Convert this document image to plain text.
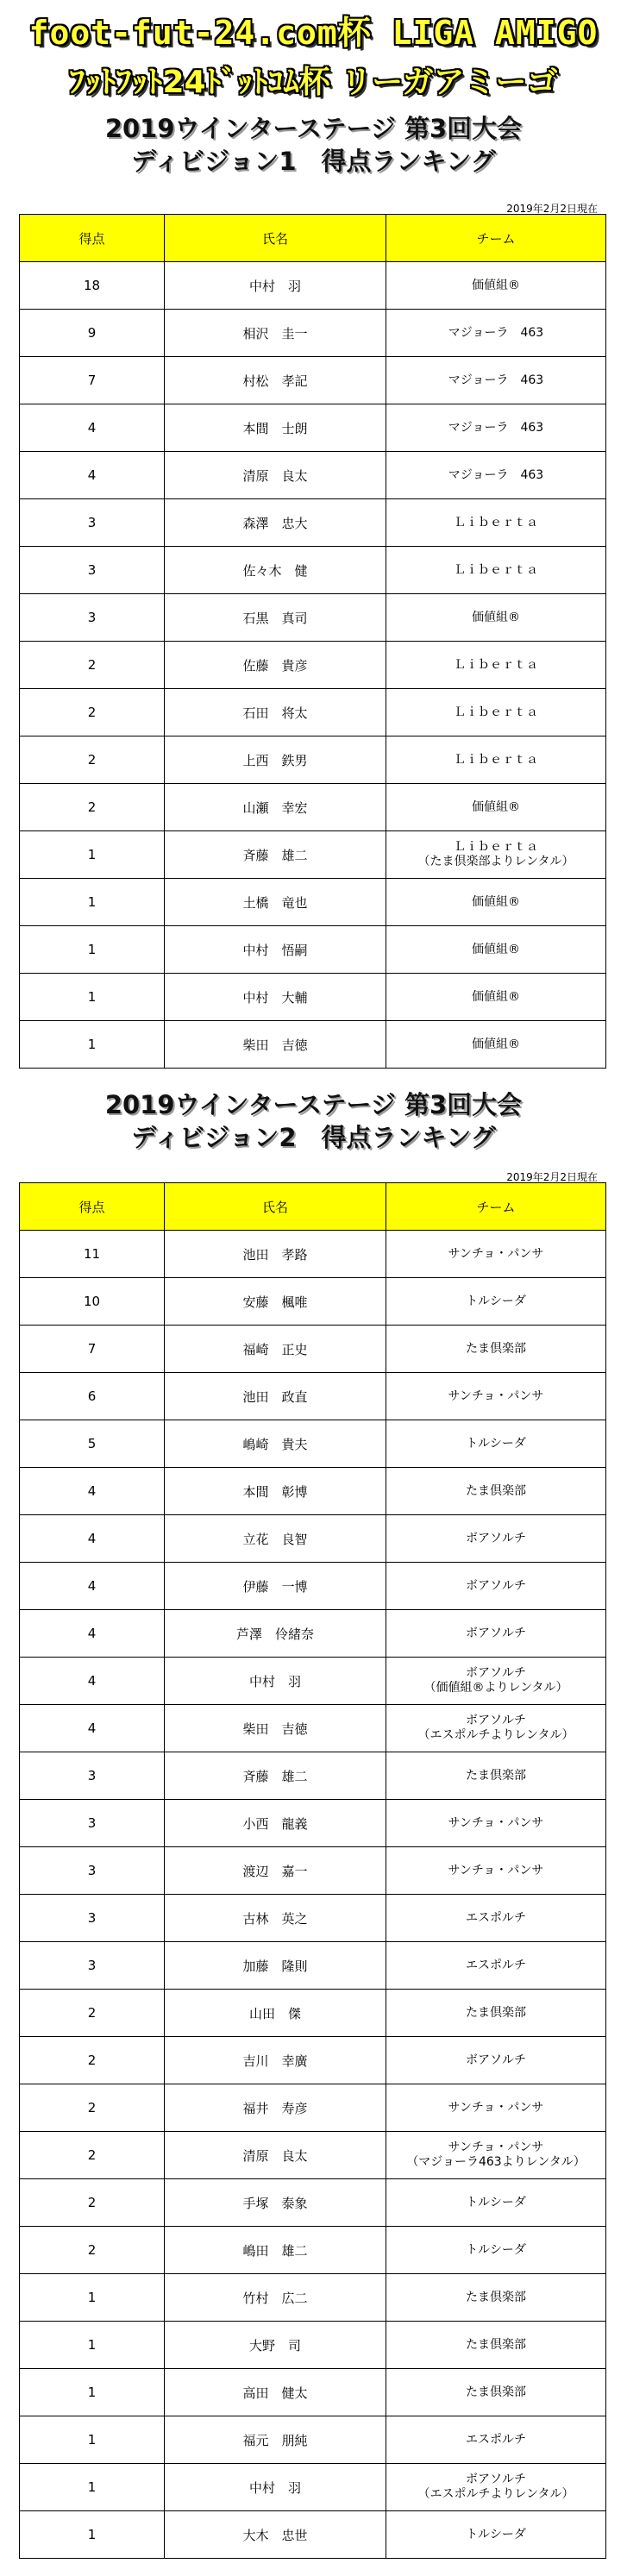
foot-fut-24.com杯 LIGA AMIGO
ﾌｯﾄﾌｯﾄ24ﾄﾞｯﾄｺﾑ杯 リーガアミーゴ
2019ウインターステージ 第3回大会
ディビジョン1　得点ランキング
2019年2月2日現在
得点	氏名	チーム
18	中村　羽	価値組®
9	相沢　圭一	マジョーラ　463
7	村松　孝記	マジョーラ　463
4	本間　士朗	マジョーラ　463
4	清原　良太	マジョーラ　463
3	森澤　忠大	Ｌｉｂｅｒｔａ
3	佐々木　健	Ｌｉｂｅｒｔａ
3	石黒　真司	価値組®
2	佐藤　貴彦	Ｌｉｂｅｒｔａ
2	石田　将太	Ｌｉｂｅｒｔａ
2	上西　鉄男	Ｌｉｂｅｒｔａ
2	山瀬　幸宏	価値組®
1	斉藤　雄二	Ｌｉｂｅｒｔａ
（たま倶楽部よりレンタル）
1	土橋　竜也	価値組®
1	中村　悟嗣	価値組®
1	中村　大輔	価値組®
1	柴田　吉徳	価値組®
2019ウインターステージ 第3回大会
ディビジョン2　得点ランキング
2019年2月2日現在
得点	氏名	チーム
11	池田　孝路	サンチョ・パンサ
10	安藤　楓唯	トルシーダ
7	福崎　正史	たま倶楽部
6	池田　政直	サンチョ・パンサ
5	嶋崎　貴夫	トルシーダ
4	本間　彰博	たま倶楽部
4	立花　良智	ボアソルチ
4	伊藤　一博	ボアソルチ
4	芦澤　伶緒奈	ボアソルチ
4	中村　羽	ボアソルチ
（価値組®よりレンタル）
4	柴田　吉徳	ボアソルチ
（エスポルチよりレンタル）
3	斉藤　雄二	たま倶楽部
3	小西　龍義	サンチョ・パンサ
3	渡辺　嘉一	サンチョ・パンサ
3	古林　英之	エスポルチ
3	加藤　隆則	エスポルチ
2	山田　傑	たま倶楽部
2	吉川　幸廣	ボアソルチ
2	福井　寿彦	サンチョ・パンサ
2	清原　良太	サンチョ・パンサ
（マジョーラ463よりレンタル）
2	手塚　泰象	トルシーダ
2	嶋田　雄二	トルシーダ
1	竹村　広二	たま倶楽部
1	大野　司	たま倶楽部
1	高田　健太	たま倶楽部
1	福元　朋純	エスポルチ
1	中村　羽	ボアソルチ
（エスポルチよりレンタル）
1	大木　忠世	トルシーダ
